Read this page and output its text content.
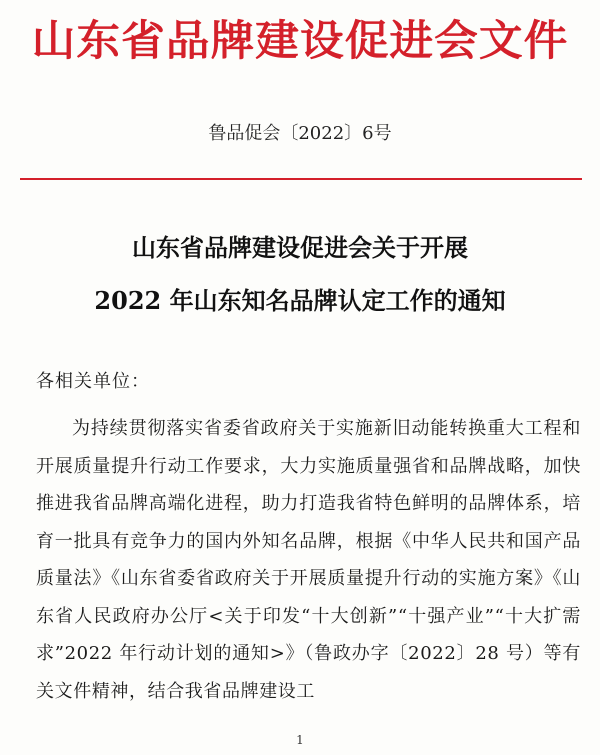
山东省品牌建设促进会文件
鲁品促会〔2022〕6号
山东省品牌建设促进会关于开展
2022 年山东知名品牌认定工作的通知
各相关单位：

为持续贯彻落实省委省政府关于实施新旧动能转换重大工程和开展质量提升行动工作要求，大力实施质量强省和品牌战略，加快推进我省品牌高端化进程，助力打造我省特色鲜明的品牌体系，培育一批具有竞争力的国内外知名品牌，根据《中华人民共和国产品质量法》《山东省委省政府关于开展质量提升行动的实施方案》《山东省人民政府办公厅<关于印发“十大创新”“十强产业”“十大扩需求”2022 年行动计划的通知>》（鲁政办字〔2022〕28 号）等有关文件精神，结合我省品牌建设工

1
